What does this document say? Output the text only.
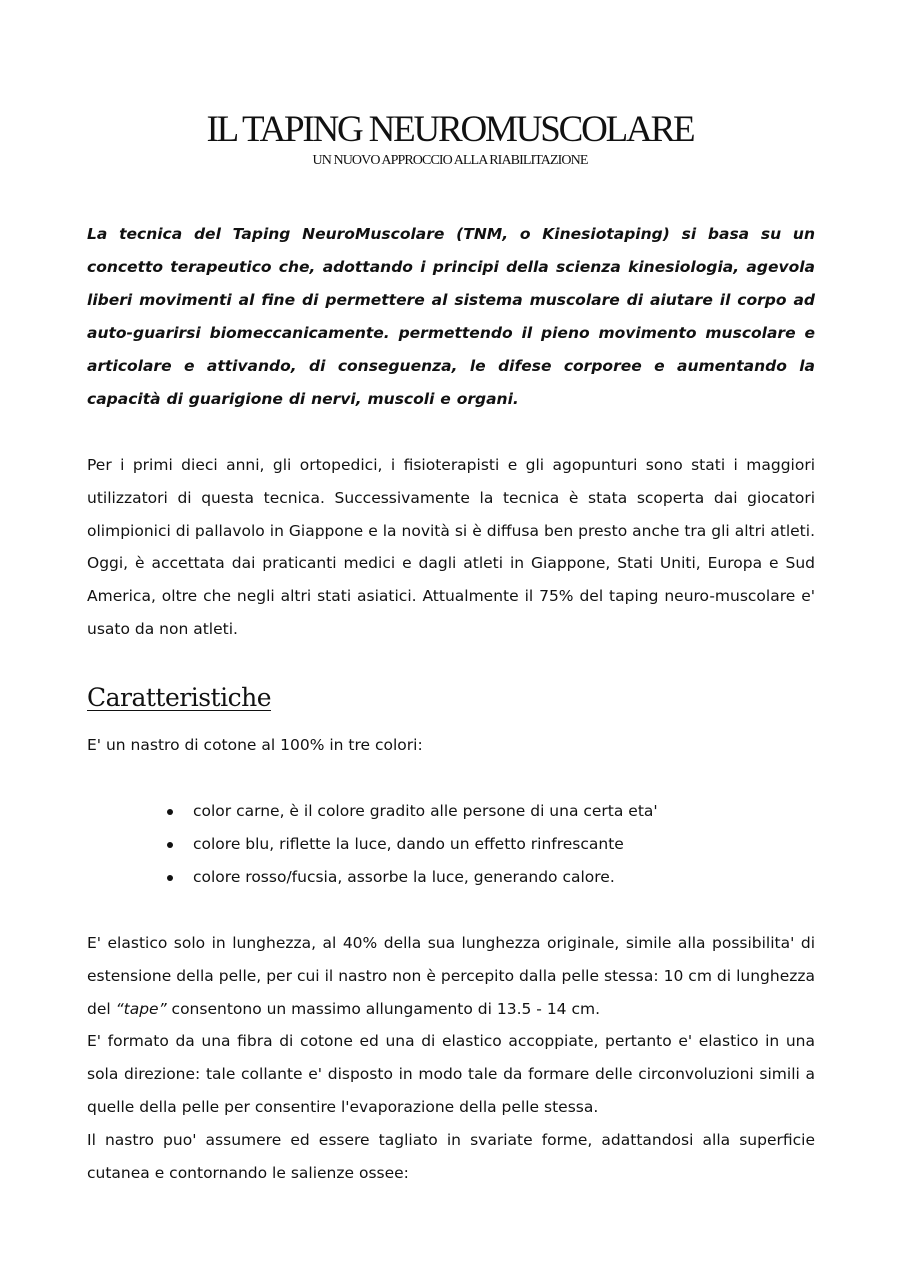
IL TAPING NEUROMUSCOLARE
UN NUOVO APPROCCIO ALLA RIABILITAZIONE

La tecnica del Taping NeuroMuscolare (TNM, o Kinesiotaping) si basa su un concetto terapeutico che, adottando i principi della scienza kinesiologia, agevola liberi movimenti al fine di permettere al sistema muscolare di aiutare il corpo ad auto-guarirsi biomeccanicamente. permettendo il pieno movimento muscolare e articolare e attivando, di conseguenza, le difese corporee e aumentando la capacità di guarigione di nervi, muscoli e organi.

Per i primi dieci anni, gli ortopedici, i fisioterapisti e gli agopunturi sono stati i maggiori utilizzatori di questa tecnica. Successivamente la tecnica è stata scoperta dai giocatori olimpionici di pallavolo in Giappone e la novità si è diffusa ben presto anche tra gli altri atleti. Oggi, è accettata dai praticanti medici e dagli atleti in Giappone, Stati Uniti, Europa e Sud America, oltre che negli altri stati asiatici. Attualmente il 75% del taping neuro-muscolare e' usato da non atleti.

Caratteristiche

E' un nastro di cotone al 100% in tre colori:

color carne, è il colore gradito alle persone di una certa eta'
colore blu, riflette la luce, dando un effetto rinfrescante
colore rosso/fucsia, assorbe la luce, generando calore.

E' elastico solo in lunghezza, al 40% della sua lunghezza originale, simile alla possibilita' di estensione della pelle, per cui il nastro non è percepito dalla pelle stessa: 10 cm di lunghezza del “tape” consentono un massimo allungamento di 13.5 - 14 cm.

E' formato da una fibra di cotone ed una di elastico accoppiate, pertanto e' elastico in una sola direzione: tale collante e' disposto in modo tale da formare delle circonvoluzioni simili a quelle della pelle per consentire l'evaporazione della pelle stessa.

Il nastro puo' assumere ed essere tagliato in svariate forme, adattandosi alla superficie cutanea e contornando le salienze ossee:
